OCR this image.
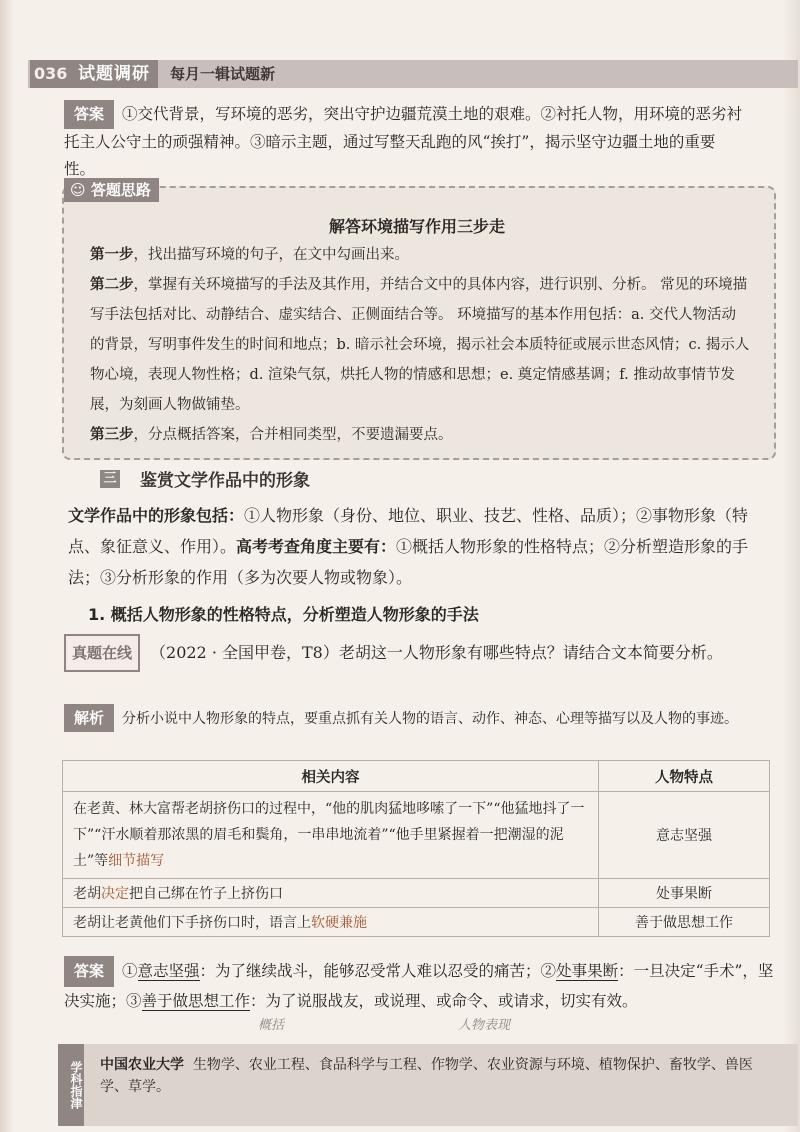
036 试题调研	每月一辑试题新
答案 ①交代背景，写环境的恶劣，突出守护边疆荒漠土地的艰难。②衬托人物，用环境的恶劣衬托主人公守土的顽强精神。③暗示主题，通过写整天乱跑的风“挨打”，揭示坚守边疆土地的重要性。
☺ 答题思路
解答环境描写作用三步走
第一步，找出描写环境的句子，在文中勾画出来。
第二步，掌握有关环境描写的手法及其作用，并结合文中的具体内容，进行识别、分析。 常见的环境描写手法包括对比、动静结合、虚实结合、正侧面结合等。 环境描写的基本作用包括：a. 交代人物活动的背景，写明事件发生的时间和地点；b. 暗示社会环境，揭示社会本质特征或展示世态风情；c. 揭示人物心境，表现人物性格；d. 渲染气氛，烘托人物的情感和思想；e. 奠定情感基调；f. 推动故事情节发展，为刻画人物做铺垫。
第三步，分点概括答案，合并相同类型，不要遗漏要点。
三 鉴赏文学作品中的形象
文学作品中的形象包括：①人物形象（身份、地位、职业、技艺、性格、品质）；②事物形象（特点、象征意义、作用）。高考考查角度主要有：①概括人物形象的性格特点；②分析塑造形象的手法；③分析形象的作用（多为次要人物或物象）。
1. 概括人物形象的性格特点，分析塑造人物形象的手法
真题在线 （2022 · 全国甲卷，T8）老胡这一人物形象有哪些特点？请结合文本简要分析。
解析 分析小说中人物形象的特点，要重点抓有关人物的语言、动作、神态、心理等描写以及人物的事迹。
相关内容	人物特点
在老黄、林大富帮老胡挤伤口的过程中，“他的肌肉猛地哆嗦了一下”“他猛地抖了一下”“汗水顺着那浓黑的眉毛和鬓角，一串串地流着”“他手里紧握着一把潮湿的泥土”等细节描写	意志坚强
老胡决定把自己绑在竹子上挤伤口	处事果断
老胡让老黄他们下手挤伤口时，语言上软硬兼施	善于做思想工作
答案 ①意志坚强：为了继续战斗，能够忍受常人难以忍受的痛苦；②处事果断：一旦决定“手术”，坚决实施；③善于做思想工作：为了说服战友，或说理、或命令、或请求，切实有效。
概括	人物表现
学科指津 中国农业大学 生物学、农业工程、食品科学与工程、作物学、农业资源与环境、植物保护、畜牧学、兽医学、草学。
